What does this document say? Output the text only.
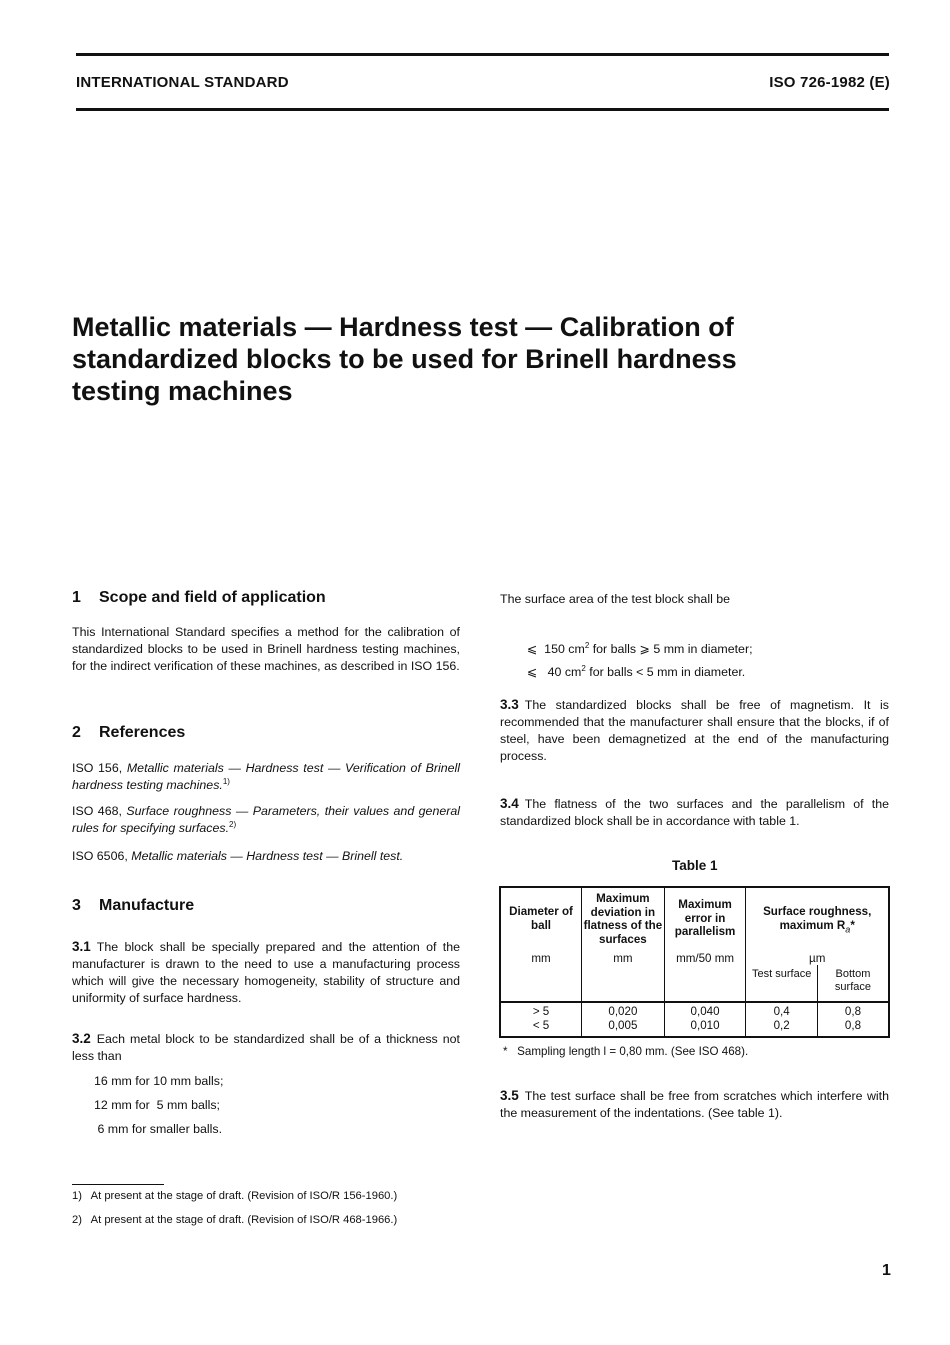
INTERNATIONAL STANDARD	ISO 726-1982 (E)
Metallic materials — Hardness test — Calibration of
standardized blocks to be used for Brinell hardness
testing machines
1 Scope and field of application
This International Standard specifies a method for the calibration of standardized blocks to be used in Brinell hardness testing machines, for the indirect verification of these machines, as described in ISO 156.
2 References
ISO 156, Metallic materials — Hardness test — Verification of Brinell hardness testing machines.$^{1)}$
ISO 468, Surface roughness — Parameters, their values and general rules for specifying surfaces.$^{2)}$
ISO 6506, Metallic materials — Hardness test — Brinell test.
3 Manufacture
3.1 The block shall be specially prepared and the attention of the manufacturer is drawn to the need to use a manufacturing process which will give the necessary homogeneity, stability of structure and uniformity of surface hardness.
3.2 Each metal block to be standardized shall be of a thickness not less than
16 mm for 10 mm balls;
12 mm for  5 mm balls;
6 mm for smaller balls.
1)   At present at the stage of draft. (Revision of ISO/R 156-1960.)
2)   At present at the stage of draft. (Revision of ISO/R 468-1966.)
The surface area of the test block shall be

⩽ 150 $cm^2$ for balls ⩾ 5 mm in diameter;

⩽   40 $cm^2$ for balls < 5 mm in diameter.

3.3 The standardized blocks shall be free of magnetism. It is recommended that the manufacturer shall ensure that the blocks, if of steel, have been demagnetized at the end of the manufacturing process.
3.4 The flatness of the two surfaces and the parallelism of the standardized block shall be in accordance with table 1.
Table 1
Diameter of ball	Maximum deviation in flatness of the surfaces	Maximum error in parallelism	Surface roughness, maximum $R_a*$	
mm	mm	mm/50 mm	µm	
			Test surface	Bottom surface
> 5	0,020	0,040	0,4	0,8
< 5	0,005	0,010	0,2	0,8
*   Sampling length l = 0,80 mm. (See ISO 468).
3.5 The test surface shall be free from scratches which interfere with the measurement of the indentations. (See table 1).
1
